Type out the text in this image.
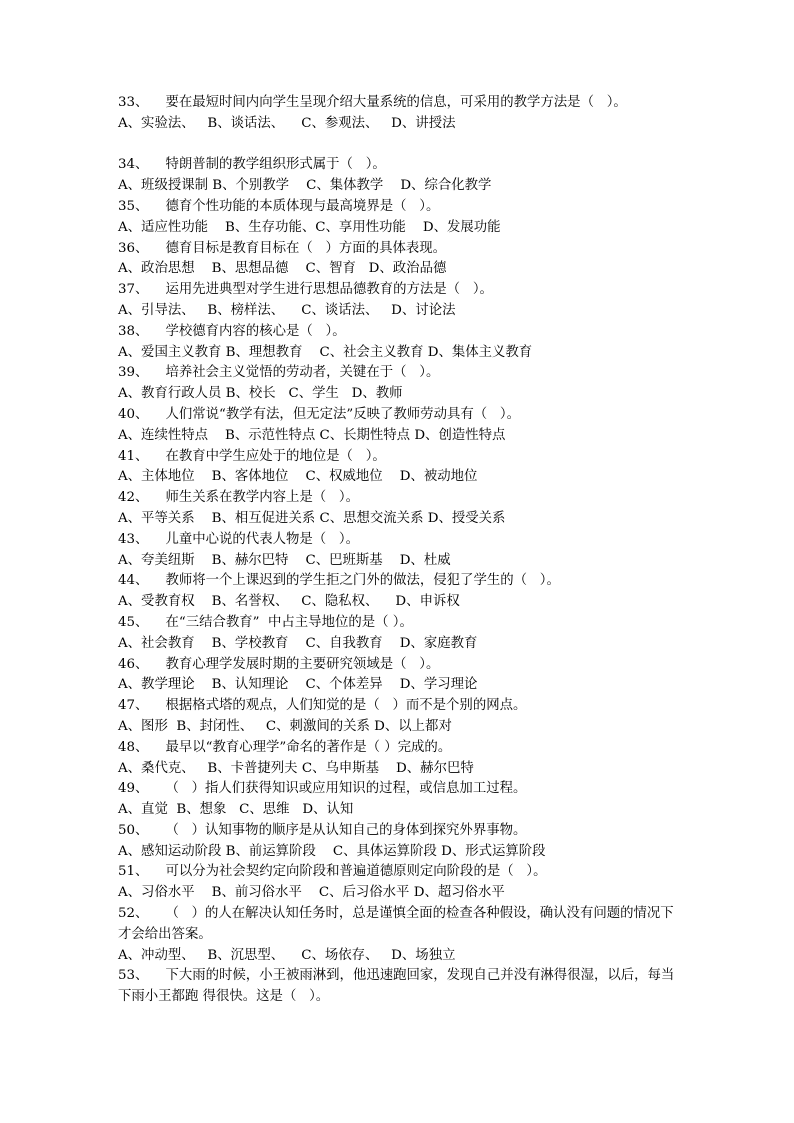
33、    要在最短时间内向学生呈现介绍大量系统的信息，可采用的教学方法是（   ）。
A、实验法、   B、谈话法、    C、参观法、   D、讲授法
34、    特朗普制的教学组织形式属于（   ）。
A、班级授课制 B、个别教学    C、集体教学    D、综合化教学
35、    德育个性功能的本质体现与最高境界是（   ）。
A、适应性功能    B、生存功能、C、享用性功能    D、发展功能
36、    德育目标是教育目标在（   ）方面的具体表现。
A、政治思想    B、思想品德    C、智育   D、政治品德
37、    运用先进典型对学生进行思想品德教育的方法是（   ）。
A、引导法、   B、榜样法、    C、谈话法、   D、讨论法
38、    学校德育内容的核心是（   ）。
A、爱国主义教育 B、理想教育    C、社会主义教育 D、集体主义教育
39、    培养社会主义觉悟的劳动者，关键在于（   ）。
A、教育行政人员 B、校长   C、学生   D、教师
40、    人们常说“教学有法，但无定法”反映了教师劳动具有（   ）。
A、连续性特点    B、示范性特点 C、长期性特点 D、创造性特点
41、    在教育中学生应处于的地位是（   ）。
A、主体地位    B、客体地位    C、权威地位    D、被动地位
42、    师生关系在教学内容上是（   ）。
A、平等关系    B、相互促进关系 C、思想交流关系 D、授受关系
43、    儿童中心说的代表人物是（   ）。
A、夸美纽斯    B、赫尔巴特    C、巴班斯基    D、杜威
44、    教师将一个上课迟到的学生拒之门外的做法，侵犯了学生的（   ）。
A、受教育权    B、名誉权、   C、隐私权、    D、申诉权
45、    在“三结合教育”  中占主导地位的是（ ）。
A、社会教育    B、学校教育    C、自我教育    D、家庭教育
46、    教育心理学发展时期的主要研究领域是（   ）。
A、教学理论    B、认知理论    C、个体差异    D、学习理论
47、    根据格式塔的观点，人们知觉的是（   ）而不是个别的网点。
A、图形  B、封闭性、   C、刺激间的关系 D、以上都对
48、    最早以“教育心理学”命名的著作是（ ）完成的。
A、桑代克、   B、卡普捷列夫 C、乌申斯基    D、赫尔巴特
49、    （   ）指人们获得知识或应用知识的过程，或信息加工过程。
A、直觉  B、想象   C、思维   D、认知
50、    （   ）认知事物的顺序是从认知自己的身体到探究外界事物。
A、感知运动阶段 B、前运算阶段    C、具体运算阶段 D、形式运算阶段
51、    可以分为社会契约定向阶段和普遍道德原则定向阶段的是（   ）。
A、习俗水平    B、前习俗水平    C、后习俗水平 D、超习俗水平
52、    （   ）的人在解决认知任务时，总是谨慎全面的检查各种假设，确认没有问题的情况下才会给出答案。
A、冲动型、   B、沉思型、    C、场依存、   D、场独立
53、    下大雨的时候，小王被雨淋到，他迅速跑回家，发现自己并没有淋得很湿，以后，每当下雨小王都跑 得很快。这是（   ）。
